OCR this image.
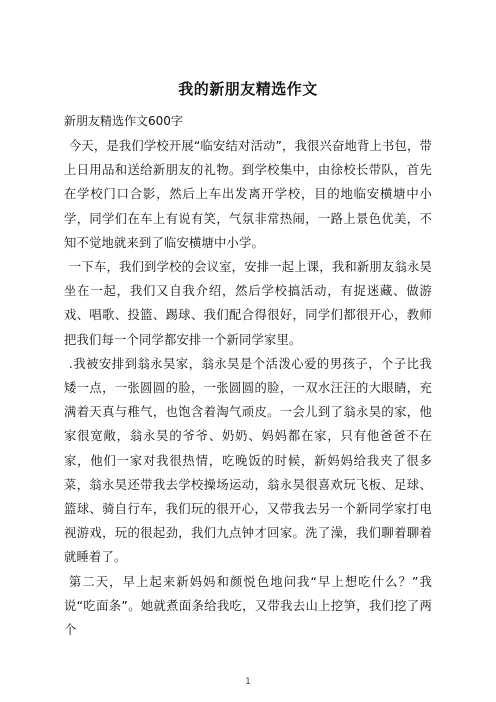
我的新朋友精选作文
新朋友精选作文600字

今天，是我们学校开展“临安结对活动”，我很兴奋地背上书包，带上日用品和送给新朋友的礼物。到学校集中，由徐校长带队，首先在学校门口合影，然后上车出发离开学校，目的地临安横塘中小学，同学们在车上有说有笑，气氛非常热闹，一路上景色优美，不知不觉地就来到了临安横塘中小学。

一下车，我们到学校的会议室，安排一起上课，我和新朋友翁永昊坐在一起，我们又自我介绍，然后学校搞活动，有捉迷藏、做游戏、唱歌、投篮、踢球、我们配合得很好，同学们都很开心，教师把我们每一个同学都安排一个新同学家里。

.我被安排到翁永昊家，翁永昊是个活泼心爱的男孩子，个子比我矮一点，一张圆圆的脸，一张圆圆的脸，一双水汪汪的大眼睛，充满着天真与稚气，也饱含着淘气顽皮。一会儿到了翁永昊的家，他家很宽敞，翁永昊的爷爷、奶奶、妈妈都在家，只有他爸爸不在家，他们一家对我很热情，吃晚饭的时候，新妈妈给我夹了很多菜，翁永昊还带我去学校操场运动，翁永昊很喜欢玩飞板、足球、篮球、骑自行车，我们玩的很开心，又带我去另一个新同学家打电视游戏，玩的很起劲，我们九点钟才回家。洗了澡，我们聊着聊着就睡着了。

第二天，早上起来新妈妈和颜悦色地问我“早上想吃什么？”我说“吃面条”。她就煮面条给我吃，又带我去山上挖笋，我们挖了两个

1
